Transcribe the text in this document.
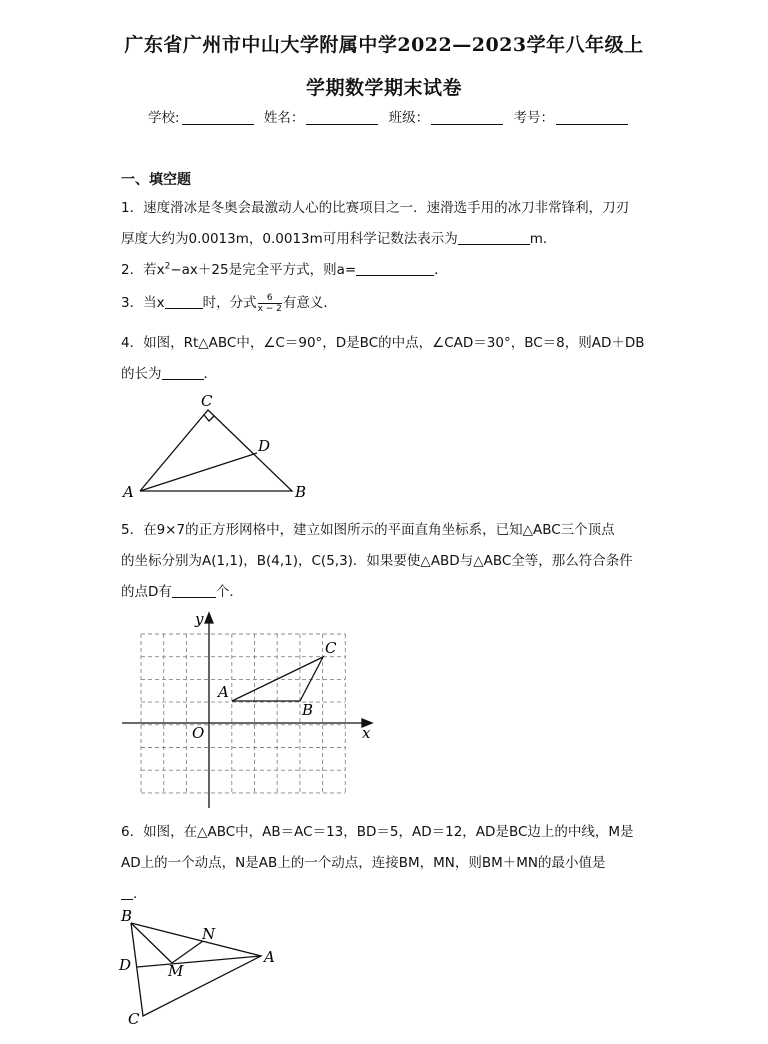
广东省广州市中山大学附属中学2022—2023学年八年级上
学期数学期末试卷
学校:	姓名：	班级：	考号：
一、填空题
1．速度滑冰是冬奥会最激动人心的比赛项目之一．速滑选手用的冰刀非常锋利，刀刃
厚度大约为0.0013m，0.0013m可用科学记数法表示为	m．
2．若$x^2-ax+25$是完全平方式，则a=	．
3．当x	时，分式 $\frac{6}{x - 2}$ 有意义．
4．如图，Rt△ABC中，∠C＝90°，D是BC的中点，∠CAD＝30°，BC＝8，则AD＋DB
的长为	．
A	B
C
D
5．在9×7的正方形网格中，建立如图所示的平面直角坐标系，已知△ABC三个顶点
的坐标分别为A(1,1)，B(4,1)，C(5,3)．如果要使△ABD与△ABC全等，那么符合条件
的点D有	个．
x
y
O
A
B
C
6．如图，在△ABC中，AB＝AC＝13，BD＝5，AD＝12，AD是BC边上的中线，M是
AD上的一个动点，N是AB上的一个动点，连接BM，MN，则BM＋MN的最小值是
．
B
A
C
D M
N
